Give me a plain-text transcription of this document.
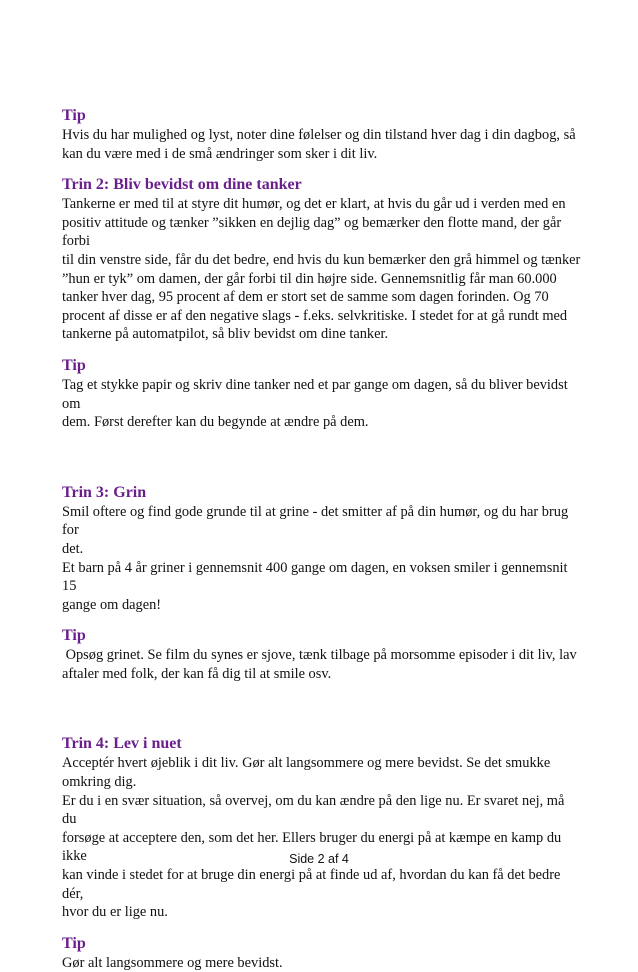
Tip

Hvis du har mulighed og lyst, noter dine følelser og din tilstand hver dag i din dagbog, så
kan du være med i de små ændringer som sker i dit liv.

Trin 2: Bliv bevidst om dine tanker

Tankerne er med til at styre dit humør, og det er klart, at hvis du går ud i verden med en
positiv attitude og tænker ”sikken en dejlig dag” og bemærker den flotte mand, der går forbi
til din venstre side, får du det bedre, end hvis du kun bemærker den grå himmel og tænker
”hun er tyk” om damen, der går forbi til din højre side. Gennemsnitlig får man 60.000
tanker hver dag, 95 procent af dem er stort set de samme som dagen forinden. Og 70
procent af disse er af den negative slags - f.eks. selvkritiske. I stedet for at gå rundt med
tankerne på automatpilot, så bliv bevidst om dine tanker.

Tip

Tag et stykke papir og skriv dine tanker ned et par gange om dagen, så du bliver bevidst om
dem. Først derefter kan du begynde at ændre på dem.

Trin 3: Grin

Smil oftere og find gode grunde til at grine - det smitter af på din humør, og du har brug for
det.
Et barn på 4 år griner i gennemsnit 400 gange om dagen, en voksen smiler i gennemsnit 15
gange om dagen!

Tip

Opsøg grinet. Se film du synes er sjove, tænk tilbage på morsomme episoder i dit liv, lav
aftaler med folk, der kan få dig til at smile osv.

Trin 4: Lev i nuet

Acceptér hvert øjeblik i dit liv. Gør alt langsommere og mere bevidst. Se det smukke
omkring dig.
Er du i en svær situation, så overvej, om du kan ændre på den lige nu. Er svaret nej, må du
forsøge at acceptere den, som det her. Ellers bruger du energi på at kæmpe en kamp du ikke
kan vinde i stedet for at bruge din energi på at finde ud af, hvordan du kan få det bedre dér,
hvor du er lige nu.

Tip

Gør alt langsommere og mere bevidst.

Side 2 af 4
